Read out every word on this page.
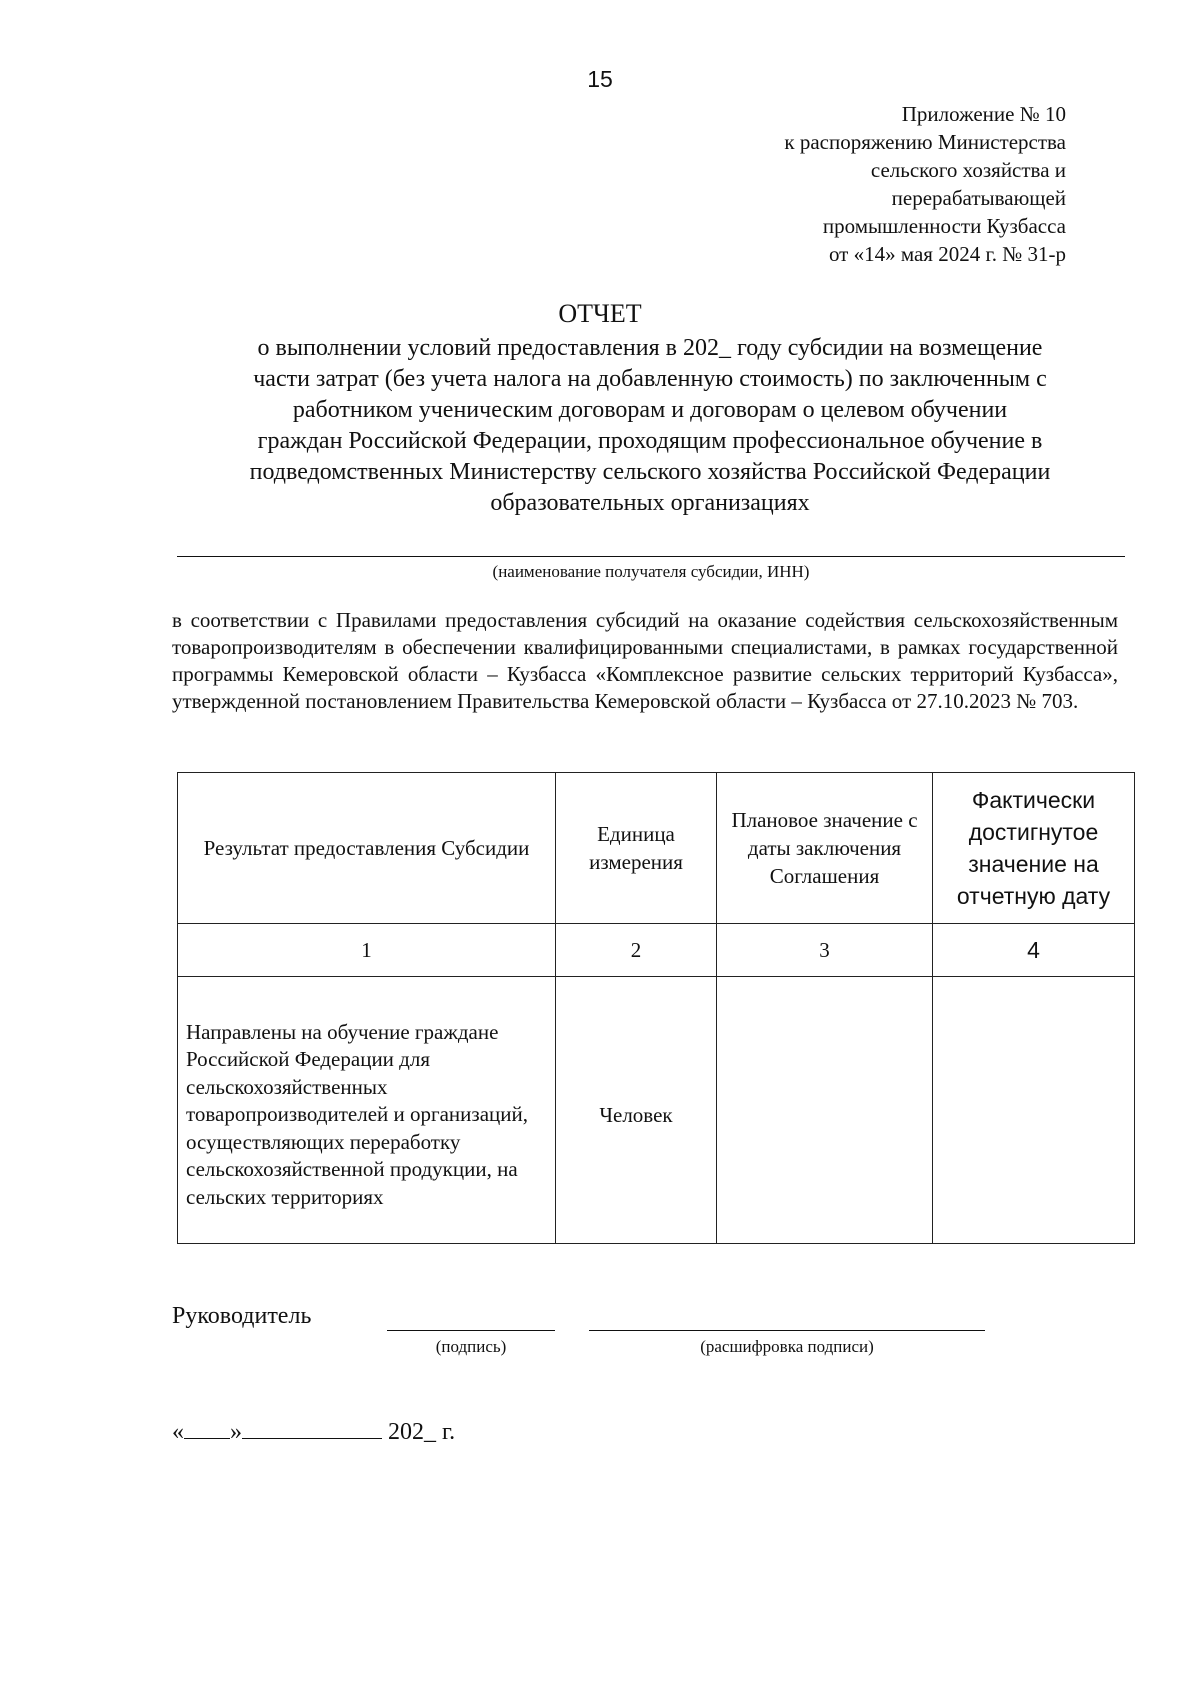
15
Приложение № 10
к распоряжению Министерства
сельского хозяйства и
перерабатывающей
промышленности Кузбасса
от «14» мая 2024 г. № 31-р
ОТЧЕТ
о выполнении условий предоставления в 202_ году субсидии на возмещение
части затрат (без учета налога на добавленную стоимость) по заключенным с
работником ученическим договорам и договорам о целевом обучении
граждан Российской Федерации, проходящим профессиональное обучение в
подведомственных Министерству сельского хозяйства Российской Федерации
образовательных организациях
(наименование получателя субсидии, ИНН)
в соответствии с Правилами предоставления субсидий на оказание содействия сельскохозяйственным товаропроизводителям в обеспечении квалифицированными специалистами, в рамках государственной программы Кемеровской области – Кузбасса «Комплексное развитие сельских территорий Кузбасса», утвержденной постановлением Правительства Кемеровской области – Кузбасса от 27.10.2023 № 703.
Результат предоставления Субсидии	Единица измерения	Плановое значение с даты заключения Соглашения	Фактически достигнутое значение на отчетную дату
1	2	3	4
Направлены на обучение граждане Российской Федерации для сельскохозяйственных товаропроизводителей и организаций, осуществляющих переработку сельскохозяйственной продукции, на сельских территориях	Человек		
Руководитель
(подпись)	(расшифровка подписи)
« »	202_ г.
